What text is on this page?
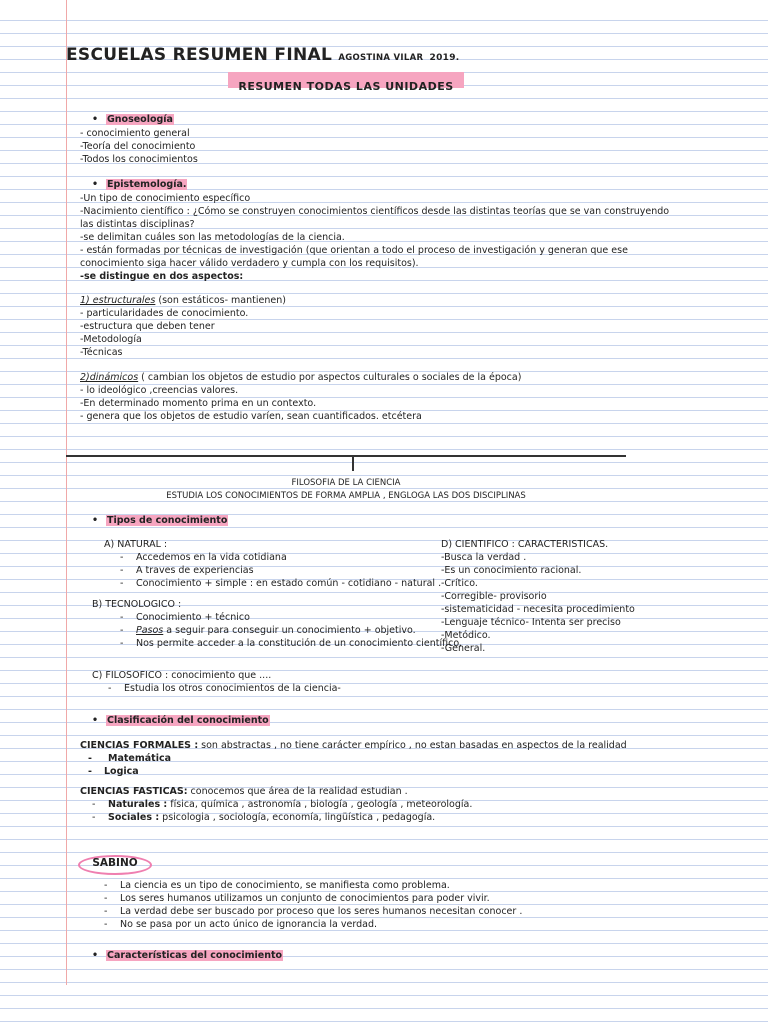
ESCUELAS RESUMEN FINAL AGOSTINA VILAR 2019.
RESUMEN TODAS LAS UNIDADES
Gnoseología
- conocimiento general
-Teoría del conocimiento
-Todos los conocimientos
Epistemología.
-Un tipo de conocimiento específico
-Nacimiento científico : ¿Cómo se construyen conocimientos científicos desde las distintas teorías que se van construyendo
las distintas disciplinas?
-se delimitan cuáles son las metodologías de la ciencia.
- están formadas por técnicas de investigación (que orientan a todo el proceso de investigación y generan que ese
conocimiento siga hacer válido verdadero y cumpla con los requisitos).
-se distingue en dos aspectos:
1) estructurales (son estáticos- mantienen)
- particularidades de conocimiento.
-estructura que deben tener
-Metodología
-Técnicas
2)dinámicos ( cambian los objetos de estudio por aspectos culturales o sociales de la época)
- lo ideológico ,creencias valores.
-En determinado momento prima en un contexto.
- genera que los objetos de estudio varíen, sean cuantificados. etcétera
FILOSOFIA DE LA CIENCIA
ESTUDIA LOS CONOCIMIENTOS DE FORMA AMPLIA , ENGLOGA LAS DOS DISCIPLINAS
Tipos de conocimiento
A) NATURAL :
- Accedemos en la vida cotidiana
- A traves de experiencias
- Conocimiento + simple : en estado común - cotidiano - natural .
B) TECNOLOGICO :
- Conocimiento + técnico
- Pasos a seguir para conseguir un conocimiento + objetivo.
- Nos permite acceder a la constitución de un conocimiento científico.
C) FILOSOFICO : conocimiento que ....
- Estudia los otros conocimientos de la ciencia-
D) CIENTIFICO : CARACTERISTICAS.
-Busca la verdad .
-Es un conocimiento racional.
-Crítico.
-Corregible- provisorio
-sistematicidad - necesita procedimiento
-Lenguaje técnico- Intenta ser preciso
-Metódico.
-General.
Clasificación del conocimiento
CIENCIAS FORMALES : son abstractas , no tiene carácter empírico , no estan basadas en aspectos de la realidad
- Matemática
- Logica
CIENCIAS FASTICAS: conocemos que área de la realidad estudian .
- Naturales : física, química , astronomía , biología , geología , meteorología.
- Sociales : psicologia , sociología, economía, lingüística , pedagogía.
SABINO
- La ciencia es un tipo de conocimiento, se manifiesta como problema.
- Los seres humanos utilizamos un conjunto de conocimientos para poder vivir.
- La verdad debe ser buscado por proceso que los seres humanos necesitan conocer .
- No se pasa por un acto único de ignorancia la verdad.
Características del conocimiento
